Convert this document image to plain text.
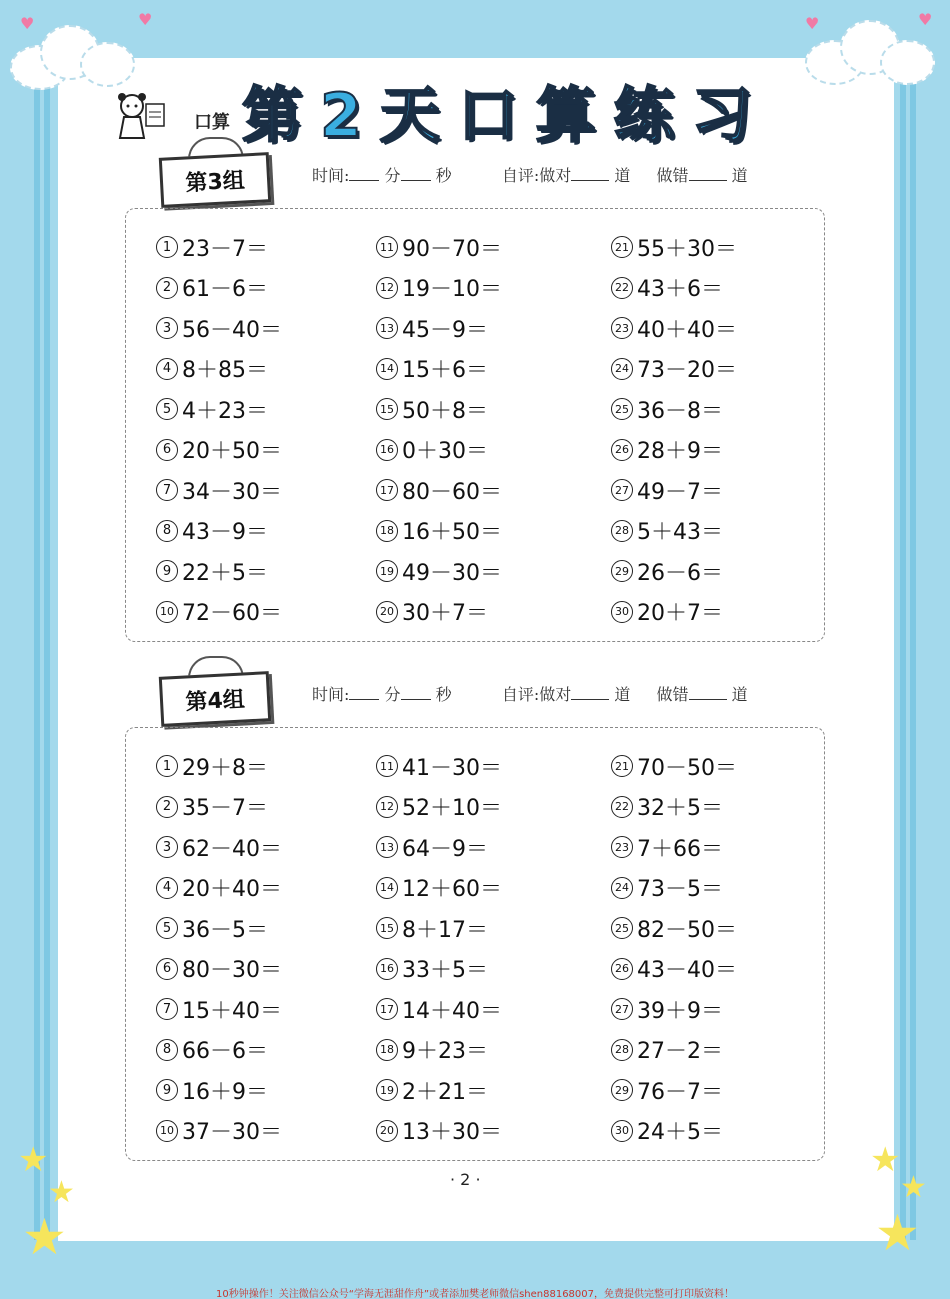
♥	♥	♥	♥
★
★
★
★
★
★
口算 第2天口算练习
第3组	时间: 分 秒	自评:做对	道 做错	道
1 23－7＝
2 61－6＝
3 56－40＝
4 8＋85＝
5 4＋23＝
6 20＋50＝
7 34－30＝
8 43－9＝
9 22＋5＝
10 72－60＝
11 90－70＝
12 19－10＝
13 45－9＝
14 15＋6＝
15 50＋8＝
16 0＋30＝
17 80－60＝
18 16＋50＝
19 49－30＝
20 30＋7＝
21 55＋30＝
22 43＋6＝
23 40＋40＝
24 73－20＝
25 36－8＝
26 28＋9＝
27 49－7＝
28 5＋43＝
29 26－6＝
30 20＋7＝
第4组	时间: 分 秒	自评:做对	道 做错	道
1 29＋8＝
2 35－7＝
3 62－40＝
4 20＋40＝
5 36－5＝
6 80－30＝
7 15＋40＝
8 66－6＝
9 16＋9＝
10 37－30＝
11 41－30＝
12 52＋10＝
13 64－9＝
14 12＋60＝
15 8＋17＝
16 33＋5＝
17 14＋40＝
18 9＋23＝
19 2＋21＝
20 13＋30＝
21 70－50＝
22 32＋5＝
23 7＋66＝
24 73－5＝
25 82－50＝
26 43－40＝
27 39＋9＝
28 27－2＝
29 76－7＝
30 24＋5＝
· 2 ·
10秒钟操作！关注微信公众号“学海无涯甜作舟”或者添加樊老师微信shen88168007，免费提供完整可打印版资料！
